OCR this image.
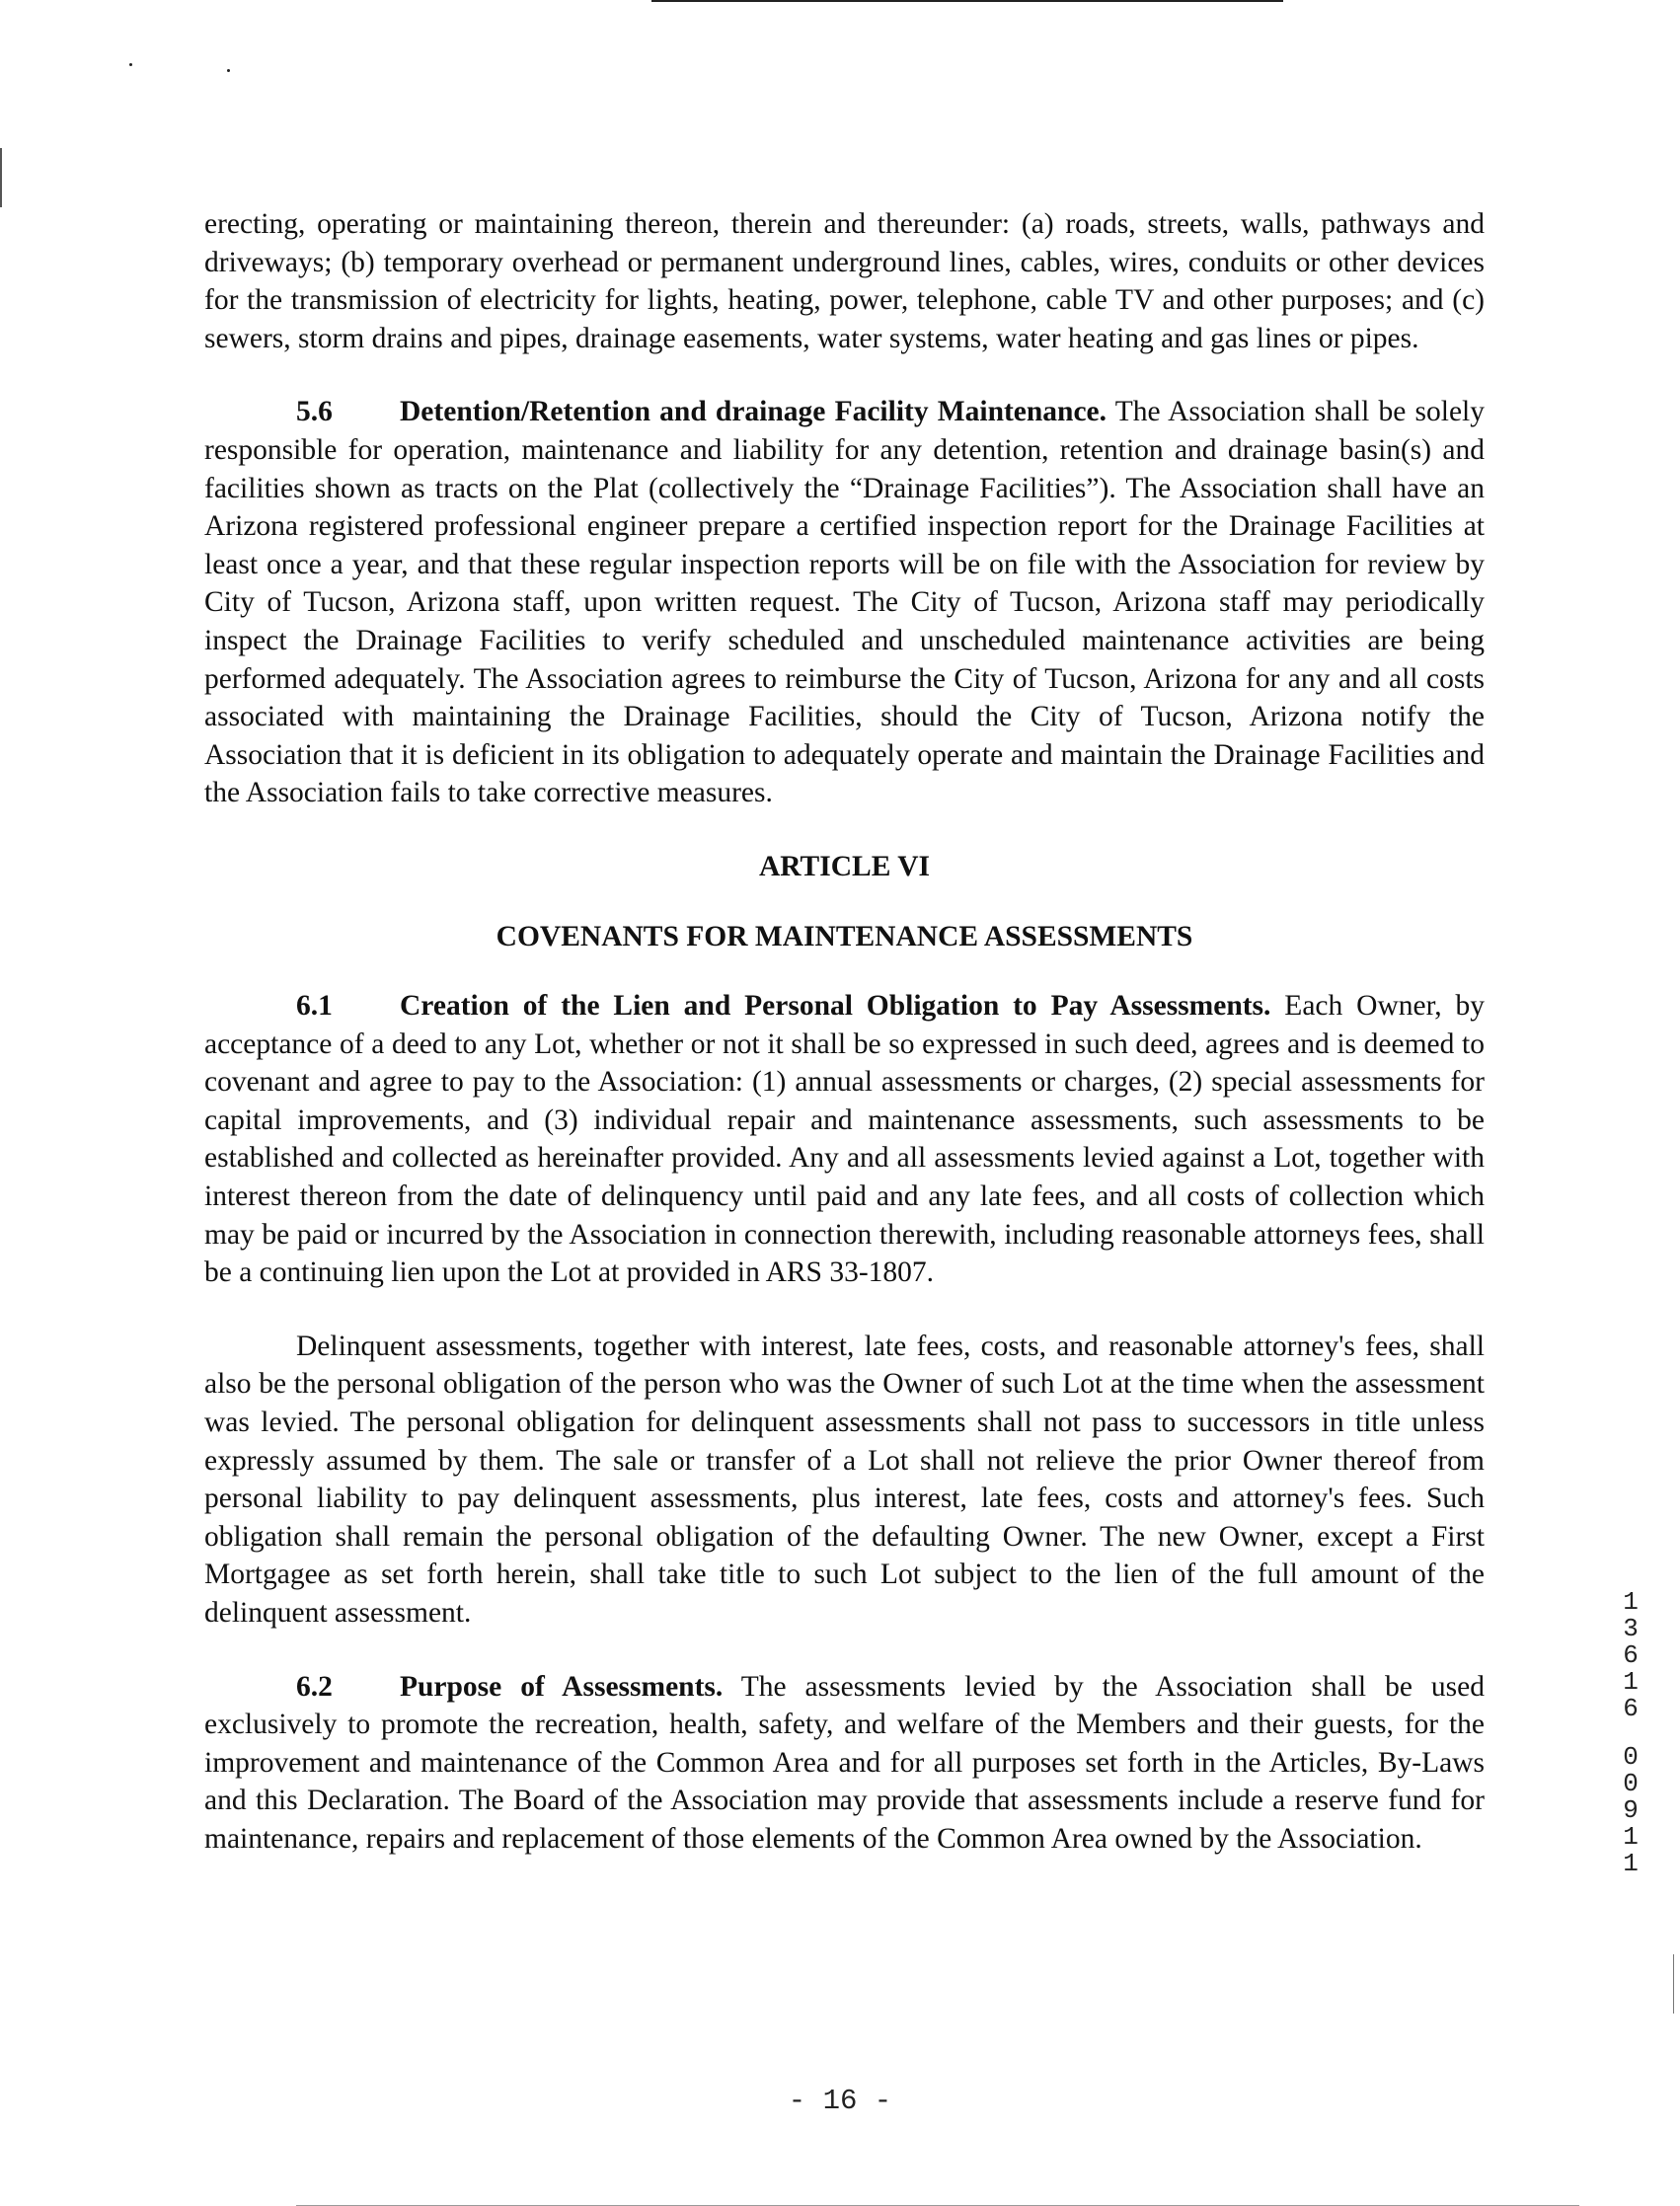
erecting, operating or maintaining thereon, therein and thereunder: (a) roads, streets, walls, pathways and driveways; (b) temporary overhead or permanent underground lines, cables, wires, conduits or other devices for the transmission of electricity for lights, heating, power, telephone, cable TV and other purposes; and (c) sewers, storm drains and pipes, drainage easements, water systems, water heating and gas lines or pipes.

5.6 Detention/Retention and drainage Facility Maintenance. The Association shall be solely responsible for operation, maintenance and liability for any detention, retention and drainage basin(s) and facilities shown as tracts on the Plat (collectively the “Drainage Facilities”). The Association shall have an Arizona registered professional engineer prepare a certified inspection report for the Drainage Facilities at least once a year, and that these regular inspection reports will be on file with the Association for review by City of Tucson, Arizona staff, upon written request. The City of Tucson, Arizona staff may periodically inspect the Drainage Facilities to verify scheduled and unscheduled maintenance activities are being performed adequately. The Association agrees to reimburse the City of Tucson, Arizona for any and all costs associated with maintaining the Drainage Facilities, should the City of Tucson, Arizona notify the Association that it is deficient in its obligation to adequately operate and maintain the Drainage Facilities and the Association fails to take corrective measures.

ARTICLE VI
COVENANTS FOR MAINTENANCE ASSESSMENTS

6.1 Creation of the Lien and Personal Obligation to Pay Assessments. Each Owner, by acceptance of a deed to any Lot, whether or not it shall be so expressed in such deed, agrees and is deemed to covenant and agree to pay to the Association: (1) annual assessments or charges, (2) special assessments for capital improvements, and (3) individual repair and maintenance assessments, such assessments to be established and collected as hereinafter provided. Any and all assessments levied against a Lot, together with interest thereon from the date of delinquency until paid and any late fees, and all costs of collection which may be paid or incurred by the Association in connection therewith, including reasonable attorneys fees, shall be a continuing lien upon the Lot at provided in ARS 33-1807.

Delinquent assessments, together with interest, late fees, costs, and reasonable attorney's fees, shall also be the personal obligation of the person who was the Owner of such Lot at the time when the assessment was levied. The personal obligation for delinquent assessments shall not pass to successors in title unless expressly assumed by them. The sale or transfer of a Lot shall not relieve the prior Owner thereof from personal liability to pay delinquent assessments, plus interest, late fees, costs and attorney's fees. Such obligation shall remain the personal obligation of the defaulting Owner. The new Owner, except a First Mortgagee as set forth herein, shall take title to such Lot subject to the lien of the full amount of the delinquent assessment.

6.2 Purpose of Assessments. The assessments levied by the Association shall be used exclusively to promote the recreation, health, safety, and welfare of the Members and their guests, for the improvement and maintenance of the Common Area and for all purposes set forth in the Articles, By-Laws and this Declaration. The Board of the Association may provide that assessments include a reserve fund for maintenance, repairs and replacement of those elements of the Common Area owned by the Association.

13616
00911
- 16 -
